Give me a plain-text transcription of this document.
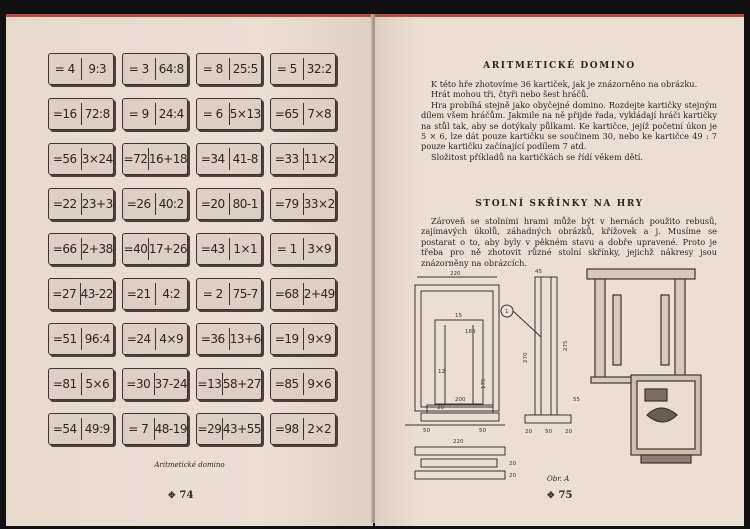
= 4	9:3	= 3 64:8	= 8 25:5	= 5 32:2
=16 72:8	= 9 24:4	= 6 5×13	=65 7×8
=56 3×24 =72 16+18	=34 41-8	=33 11×2
=22 23+3	=26 40:2	=20 80-1	=79 33×2
=66 2+38 =40 17+26	=43 1×1	= 1 3×9
=27 43-22	=21 4:2	= 2 75-7	=68 2+49
=51 96:4	=24 4×9	=36 13+6	=19 9×9
=81 5×6	=30 37-24 =13 58+27	=85 9×6
=54 49:9	= 7 48-19 =29 43+55	=98 2×2
Aritmetické domino
✥ 74
ARITMETICKÉ DOMINO

K této hře zhotovíme 36 kartiček, jak je znázorněno na obrázku.

Hrát mohou tři, čtyři nebo šest hráčů.

Hra probíhá stejně jako obyčejné domino. Rozdejte kartičky stejným dílem všem hráčům. Jakmile na ně přijde řada, vykládají hráči kartičky na stůl tak, aby se dotýkaly půlkami. Ke kartičce, jejíž početní úkon je 5 × 6, lze dát pouze kartičku se součinem 30, nebo ke kartičce 49 : 7 pouze kartičku začínající podílem 7 atd.

Složitost příkladů na kartičkách se řídí věkem dětí.

STOLNÍ SKŘÍNKY NA HRY

Zároveň se stolními hrami může být v hernách použito rebusů, zajímavých úkolů, záhadných obrázků, křížovek a j. Musíme se postarat o to, aby byly v pěkném stavu a dobře upravené. Proto je třeba pro ně zhotovit různé stolní skřínky, jejichž nákresy jsou znázorněny na obrázcích.

220
15
180
175
12
200
20
50	50
220
20
20
45
270
275
55
20 50 20
1
Obr. A
✥ 75
